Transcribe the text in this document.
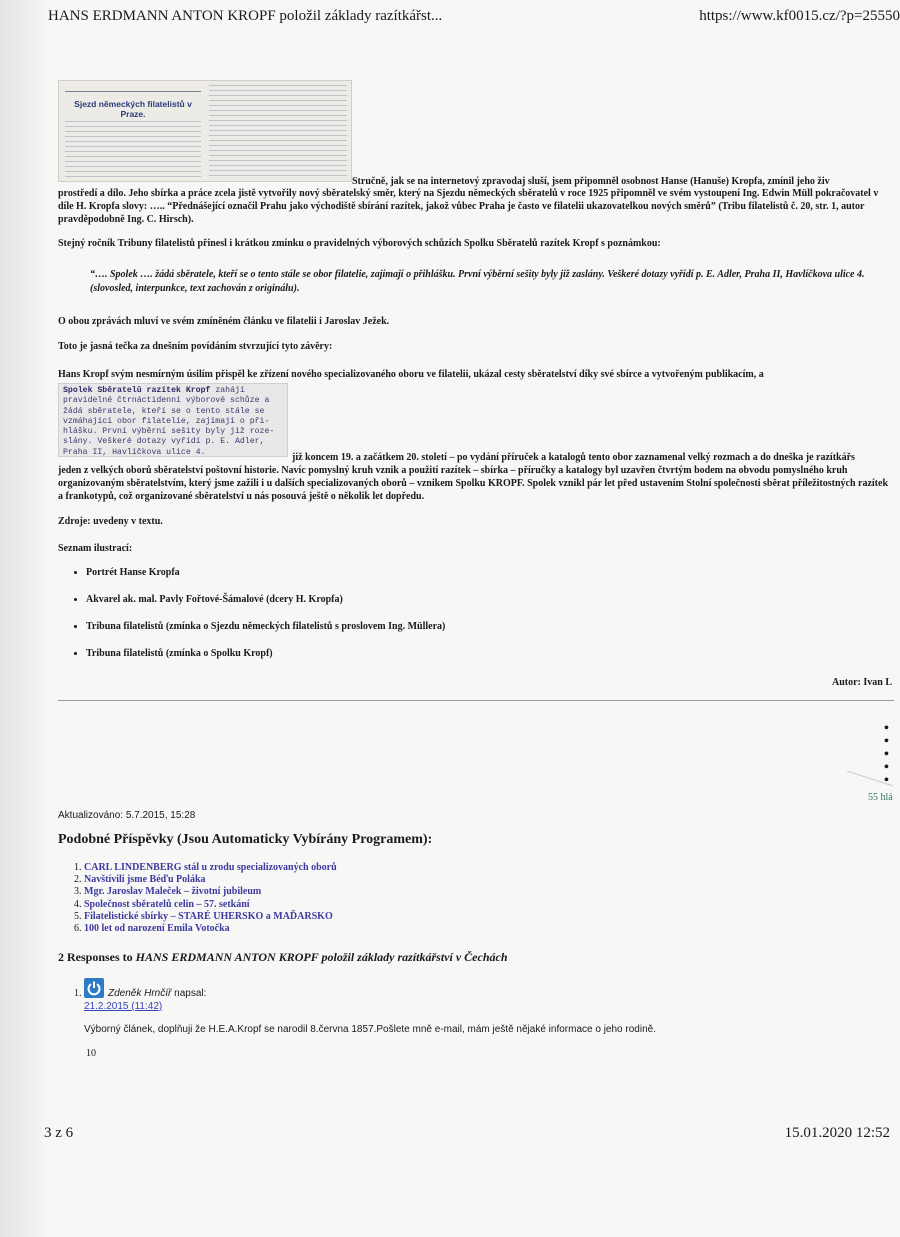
HANS ERDMANN ANTON KROPF položil základy razítkářst...	https://www.kf0015.cz/?p=25550
Sjezd německých filatelistů v Praze.
Stručně, jak se na internetový zpravodaj sluší, jsem připomněl osobnost Hanse (Hanuše) Kropfa, zmínil jeho živ
prostředí a dílo. Jeho sbírka a práce zcela jistě vytvořily nový sběratelský směr, který na Sjezdu německých sběratelů v roce 1925 připomněl ve svém vystoupení Ing. Edwin Müll pokračovatel v díle H. Kropfa slovy: ….. “Přednášející označil Prahu jako východiště sbírání razítek, jakož vůbec Praha je často ve filatelii ukazovatelkou nových směrů” (Tribu filatelistů č. 20, str. 1, autor pravděpodobně Ing. C. Hirsch).
Stejný ročník Tribuny filatelistů přinesl i krátkou zmínku o pravidelných výborových schůzích Spolku Sběratelů razítek Kropf s poznámkou:
“…. Spolek …. žádá sběratele, kteří se o tento stále se obor filatelie, zajímají o přihlášku. První výběrní sešity byly již zaslány. Veškeré dotazy vyřídí p. E. Adler, Praha II, Havlíčkova ulice 4. (slovosled, interpunkce, text zachován z originálu).
O obou zprávách mluví ve svém zmíněném článku ve filatelii i Jaroslav Ježek.
Toto je jasná tečka za dnešním povídáním stvrzující tyto závěry:
Hans Kropf svým nesmírným úsilím přispěl ke zřízení nového specializovaného oboru ve filatelii, ukázal cesty sběratelství díky své sbírce a vytvořeným publikacím, a
Spolek Sběratelů razítek Kropf zahájí
pravidelné čtrnáctidenní výborové schůze a
žádá sběratele, kteří se o tento stále se
vzmáhající obor filatelie, zajímají o při-
hlášku. První výběrní sešity byly již roze-
slány. Veškeré dotazy vyřídí p. E. Adler,
Praha II, Havlíčkova ulice 4.	již koncem 19. a začátkem 20. století – po vydání příruček a katalogů tento obor zaznamenal velký rozmach a do dneška je razítkářs
jeden z velkých oborů sběratelství poštovní historie. Navíc pomyslný kruh vznik a použití razítek – sbírka – příručky a katalogy byl uzavřen čtvrtým bodem na obvodu pomyslného kruh organizovaným sběratelstvím, který jsme zažili i u dalších specializovaných oborů – vznikem Spolku KROPF. Spolek vznikl pár let před ustavením Stolní společnosti sběrat příležitostných razítek a frankotypů, což organizované sběratelství u nás posouvá ještě o několik let dopředu.
Zdroje: uvedeny v textu.
Seznam ilustrací:
• Portrét Hanse Kropfa
• Akvarel ak. mal. Pavly Fořtové-Šámalové (dcery H. Kropfa)
• Tribuna filatelistů (zmínka o Sjezdu německých filatelistů s proslovem Ing. Müllera)
• Tribuna filatelistů (zmínka o Spolku Kropf)
Autor: Ivan L
•
•
•
•
•
55 hlá
Aktualizováno: 5.7.2015, 15:28
Podobné Příspěvky (Jsou Automaticky Vybírány Programem):
1. CARL LINDENBERG stál u zrodu specializovaných oborů
2. Navštívili jsme Béďu Poláka
3. Mgr. Jaroslav Maleček – životní jubileum
4. Společnost sběratelů celin – 57. setkání
5. Filatelistické sbírky – STARÉ UHERSKO a MAĎARSKO
6. 100 let od narození Emila Votočka
2 Responses to HANS ERDMANN ANTON KROPF položil základy razítkářství v Čechách
1.	Zdeněk Hrnčíř napsal:
21.2.2015 (11:42)
Výborný článek, doplňuji že H.E.A.Kropf se narodil 8.června 1857.Pošlete mně e-mail, mám ještě nějaké informace o jeho rodině.
10
3 z 6	15.01.2020 12:52
